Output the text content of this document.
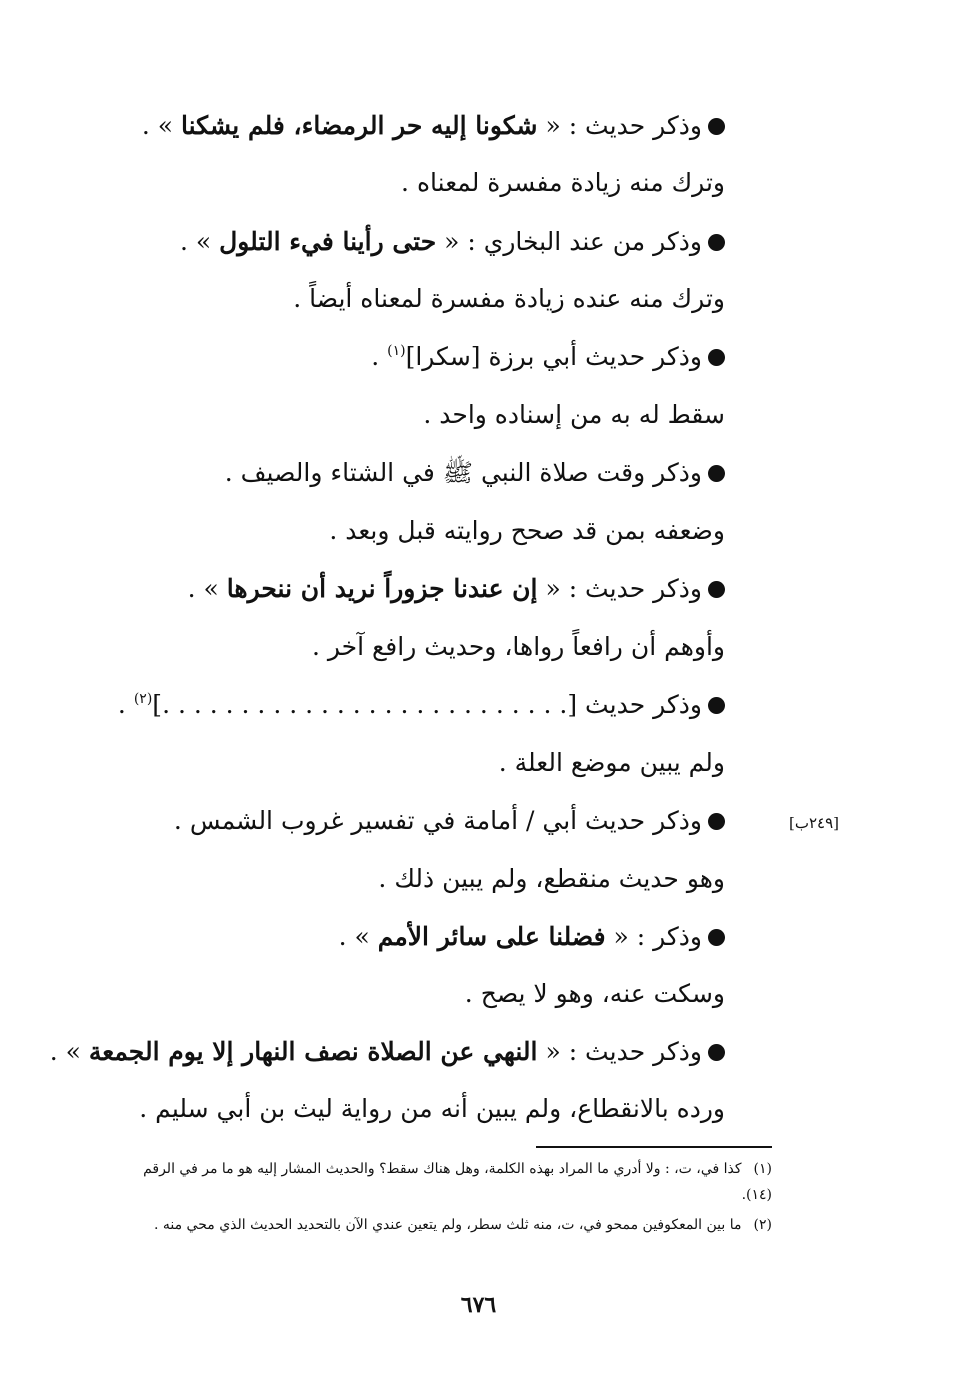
وذكر حديث : « شكونا إليه حر الرمضاء، فلم يشكنا » .
وترك منه زيادة مفسرة لمعناه .
وذكر من عند البخاري : « حتى رأينا فيء التلول » .
وترك منه عنده زيادة مفسرة لمعناه أيضاً .
وذكر حديث أبي برزة [سكرا]$^{(١)}$ .
سقط له به من إسناده واحد .
وذكر وقت صلاة النبي ﷺ في الشتاء والصيف .
وضعفه بمن قد صحح روايته قبل وبعد .
وذكر حديث : « إن عندنا جزوراً نريد أن ننحرها » .
وأوهم أن رافعاً رواها، وحديث رافع آخر .
وذكر حديث [. . . . . . . . . . . . . . . . . . . . . . . . . .]$^{(٢)}$ .
ولم يبين موضع العلة .
وذكر حديث أبي / أمامة في تفسير غروب الشمس .
وهو حديث منقطع، ولم يبين ذلك .
وذكر : « فضلنا على سائر الأمم » .
وسكت عنه، وهو لا يصح .
وذكر حديث : « النهي عن الصلاة نصف النهار إلا يوم الجمعة » .
ورده بالانقطاع، ولم يبين أنه من رواية ليث بن أبي سليم .
[٢٤٩ب]
(١)كذا في، ت، : ولا أدري ما المراد بهذه الكلمة، وهل هناك سقط؟ والحديث المشار إليه هو ما مر في الرقم
(١٤).
(٢)ما بين المعكوفين ممحو في، ت، منه ثلث سطر، ولم يتعين عندي الآن بالتحديد الحديث الذي محي منه .
٦٧٦
